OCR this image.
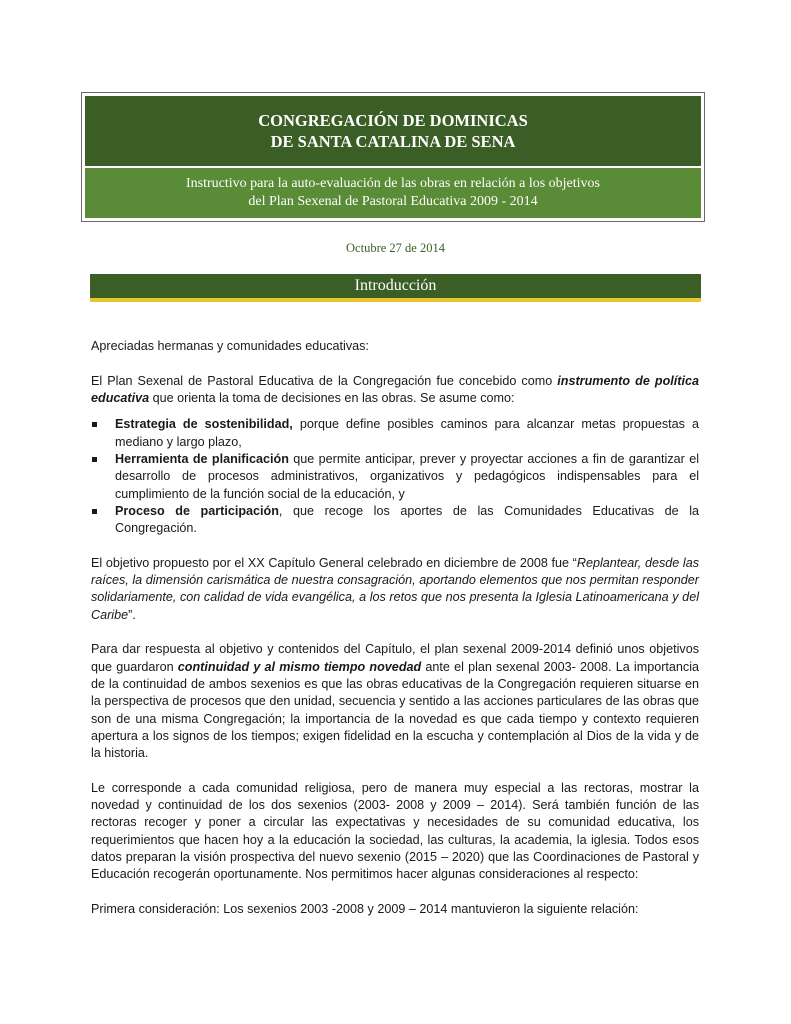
CONGREGACIÓN DE DOMINICAS
DE SANTA CATALINA DE SENA
Instructivo para la auto-evaluación de las obras en relación a los objetivos
del Plan Sexenal de Pastoral Educativa 2009 - 2014
Octubre 27 de 2014
Introducción

Apreciadas hermanas y comunidades educativas:

El Plan Sexenal de Pastoral Educativa de la Congregación fue concebido como instrumento de política educativa que orienta la toma de decisiones en las obras. Se asume como:

Estrategia de sostenibilidad, porque define posibles caminos para alcanzar metas propuestas a mediano y largo plazo,
Herramienta de planificación que permite anticipar, prever y proyectar acciones a fin de garantizar el desarrollo de procesos administrativos, organizativos y pedagógicos indispensables para el cumplimiento de la función social de la educación, y
Proceso de participación, que recoge los aportes de las Comunidades Educativas de la Congregación.

El objetivo propuesto por el XX Capítulo General celebrado en diciembre de 2008 fue “Replantear, desde las raíces, la dimensión carismática de nuestra consagración, aportando elementos que nos permitan responder solidariamente, con calidad de vida evangélica, a los retos que nos presenta la Iglesia Latinoamericana y del Caribe”.

Para dar respuesta al objetivo y contenidos del Capítulo, el plan sexenal 2009-2014 definió unos objetivos que guardaron continuidad y al mismo tiempo novedad ante el plan sexenal 2003- 2008. La importancia de la continuidad de ambos sexenios es que las obras educativas de la Congregación requieren situarse en la perspectiva de procesos que den unidad, secuencia y sentido a las acciones particulares de las obras que son de una misma Congregación; la importancia de la novedad es que cada tiempo y contexto requieren apertura a los signos de los tiempos; exigen fidelidad en la escucha y contemplación al Dios de la vida y de la historia.

Le corresponde a cada comunidad religiosa, pero de manera muy especial a las rectoras, mostrar la novedad y continuidad de los dos sexenios (2003- 2008 y 2009 – 2014). Será también función de las rectoras recoger y poner a circular las expectativas y necesidades de su comunidad educativa, los requerimientos que hacen hoy a la educación la sociedad, las culturas, la academia, la iglesia. Todos esos datos preparan la visión prospectiva del nuevo sexenio (2015 – 2020) que las Coordinaciones de Pastoral y Educación recogerán oportunamente. Nos permitimos hacer algunas consideraciones al respecto:

Primera consideración: Los sexenios 2003 -2008 y 2009 – 2014 mantuvieron la siguiente relación:
